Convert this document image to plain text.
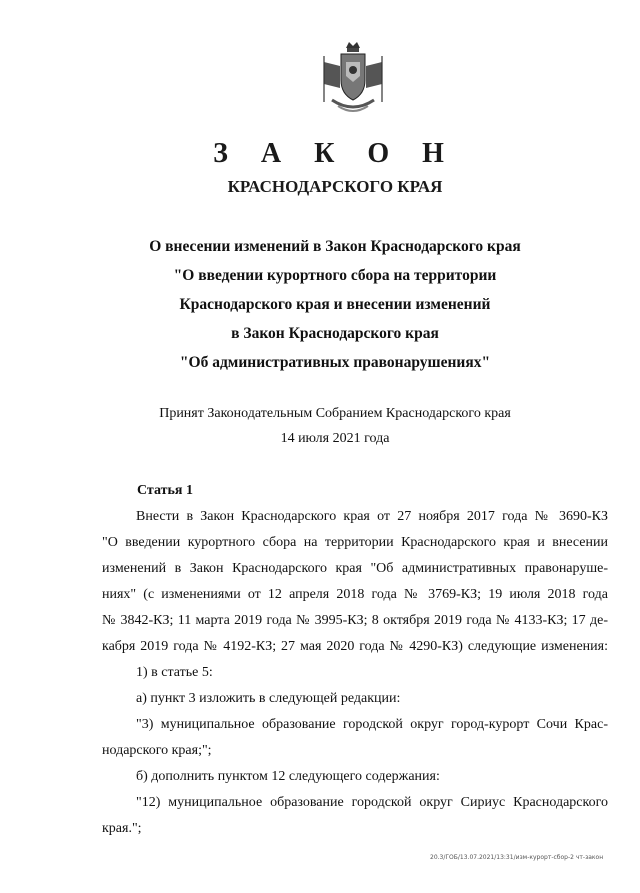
З А К О Н
КРАСНОДАРСКОГО КРАЯ
О внесении изменений в Закон Краснодарского края
"О введении курортного сбора на территории
Краснодарского края и внесении изменений
в Закон Краснодарского края
"Об административных правонарушениях"
Принят Законодательным Собранием Краснодарского края
14 июля 2021 года
Статья 1
Внести в Закон Краснодарского края от 27 ноября 2017 года № 3690-КЗ
"О введении курортного сбора на территории Краснодарского края и внесении
изменений в Закон Краснодарского края "Об административных правонаруше-
ниях" (с изменениями от 12 апреля 2018 года № 3769-КЗ; 19 июля 2018 года
№ 3842-КЗ; 11 марта 2019 года № 3995-КЗ; 8 октября 2019 года № 4133-КЗ; 17 де-
кабря 2019 года № 4192-КЗ; 27 мая 2020 года № 4290-КЗ) следующие изменения:
1) в статье 5:
а) пункт 3 изложить в следующей редакции:
"3) муниципальное образование городской округ город-курорт Сочи Крас-
нодарского края;";
б) дополнить пунктом 12 следующего содержания:
"12) муниципальное образование городской округ Сириус Краснодарского
края.";
20.3/ГОБ/13.07.2021/13:31/изм-курорт-сбор-2 чт-закон
